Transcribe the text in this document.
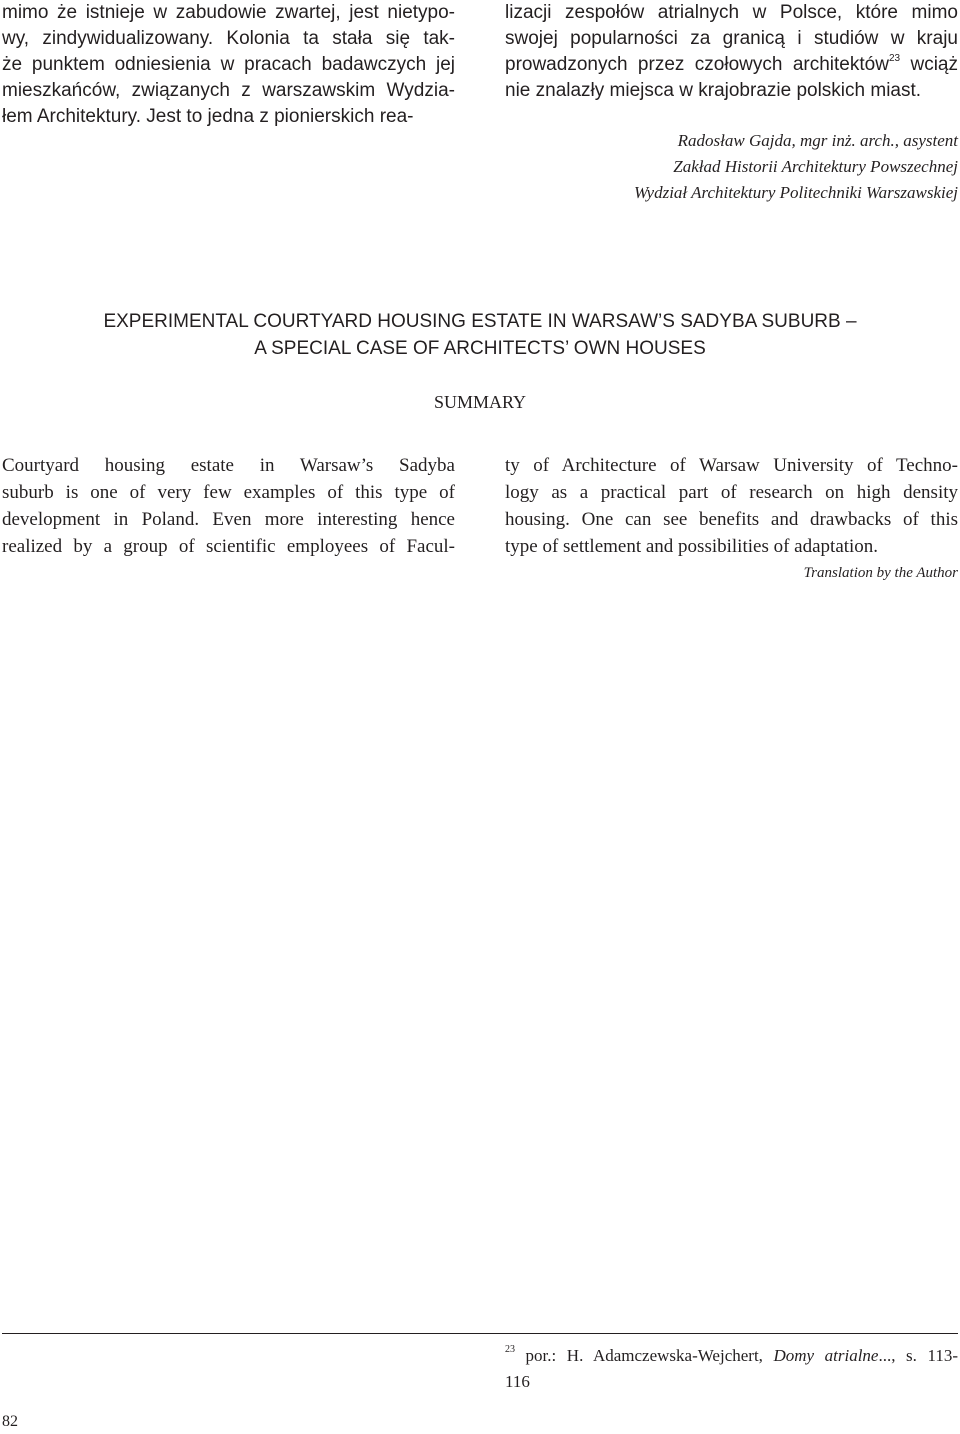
mimo że istnieje w zabudowie zwartej, jest nietypo-
wy, zindywidualizowany. Kolonia ta stała się tak-
że punktem odniesienia w pracach badawczych jej
mieszkańców, związanych z warszawskim Wydzia-
łem Architektury. Jest to jedna z pionierskich rea-
lizacji zespołów atrialnych w Polsce, które mimo
swojej popularności za granicą i studiów w kraju
prowadzonych przez czołowych architektów$^{23}$ wciąż
nie znalazły miejsca w krajobrazie polskich miast.
Radosław Gajda, mgr inż. arch., asystent
Zakład Historii Architektury Powszechnej
Wydział Architektury Politechniki Warszawskiej
EXPERIMENTAL COURTYARD HOUSING ESTATE IN WARSAW’S SADYBA SUBURB –
A SPECIAL CASE OF ARCHITECTS’ OWN HOUSES
SUMMARY
Courtyard housing estate in Warsaw’s Sadyba
suburb is one of very few examples of this type of
development in Poland. Even more interesting hence
realized by a group of scientific employees of Facul-
ty of Architecture of Warsaw University of Techno-
logy as a practical part of research on high density
housing. One can see benefits and drawbacks of this
type of settlement and possibilities of adaptation.
Translation by the Author
$^{23}$ por.: H. Adamczewska-Wejchert, Domy atrialne..., s. 113-
116
82
